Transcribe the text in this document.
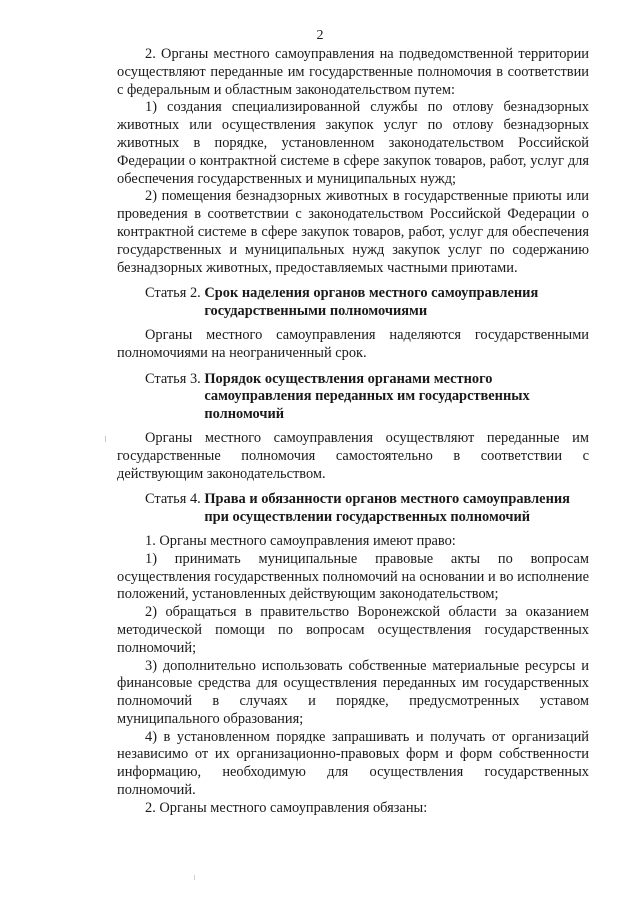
2

2. Органы местного самоуправления на подведомственной территории осуществляют переданные им государственные полномочия в соответствии с федеральным и областным законодательством путем:

1) создания специализированной службы по отлову безнадзорных животных или осуществления закупок услуг по отлову безнадзорных животных в порядке, установленном законодательством Российской Федерации о контрактной системе в сфере закупок товаров, работ, услуг для обеспечения государственных и муниципальных нужд;

2) помещения безнадзорных животных в государственные приюты или проведения в соответствии с законодательством Российской Федерации о контрактной системе в сфере закупок товаров, работ, услуг для обеспечения государственных и муниципальных нужд закупок услуг по содержанию безнадзорных животных, предоставляемых частными приютами.

Статья 2. Срок наделения органов местного самоуправления государственными полномочиями

Органы местного самоуправления наделяются государственными полномочиями на неограниченный срок.

Статья 3. Порядок осуществления органами местного самоуправления переданных им государственных полномочий

Органы местного самоуправления осуществляют переданные им государственные полномочия самостоятельно в соответствии с действующим законодательством.

Статья 4. Права и обязанности органов местного самоуправления при осуществлении государственных полномочий

1. Органы местного самоуправления имеют право:

1) принимать муниципальные правовые акты по вопросам осуществления государственных полномочий на основании и во исполнение положений, установленных действующим законодательством;

2) обращаться в правительство Воронежской области за оказанием методической помощи по вопросам осуществления государственных полномочий;

3) дополнительно использовать собственные материальные ресурсы и финансовые средства для осуществления переданных им государственных полномочий в случаях и порядке, предусмотренных уставом муниципального образования;

4) в установленном порядке запрашивать и получать от организаций независимо от их организационно-правовых форм и форм собственности информацию, необходимую для осуществления государственных полномочий.

2. Органы местного самоуправления обязаны:
